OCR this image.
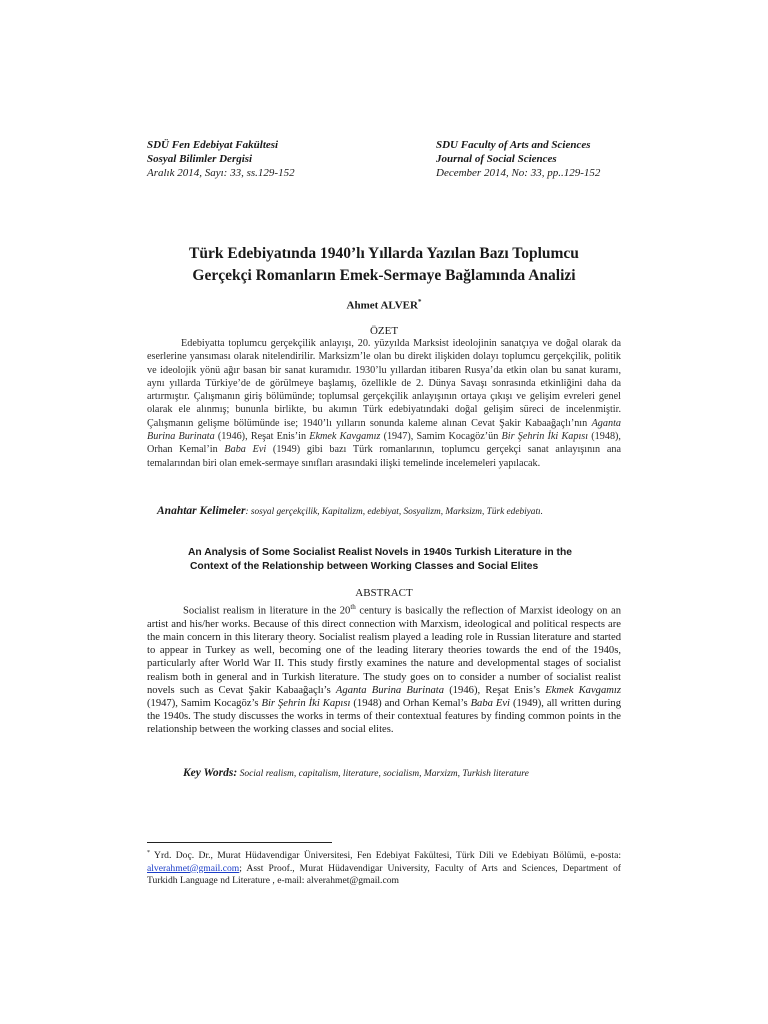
SDÜ Fen Edebiyat Fakültesi
Sosyal Bilimler Dergisi
Aralık 2014, Sayı: 33, ss.129-152
SDU Faculty of Arts and Sciences
Journal of Social Sciences
December 2014, No: 33, pp..129-152
Türk Edebiyatında 1940’lı Yıllarda Yazılan Bazı Toplumcu
Gerçekçi Romanların Emek-Sermaye Bağlamında Analizi
Ahmet ALVER*
ÖZET

Edebiyatta toplumcu gerçekçilik anlayışı, 20. yüzyılda Marksist ideolojinin sanatçıya ve doğal olarak da eserlerine yansıması olarak nitelendirilir. Marksizm’le olan bu direkt ilişkiden dolayı toplumcu gerçekçilik, politik ve ideolojik yönü ağır basan bir sanat kuramıdır. 1930’lu yıllardan itibaren Rusya’da etkin olan bu sanat kuramı, aynı yıllarda Türkiye’de de görülmeye başlamış, özellikle de 2. Dünya Savaşı sonrasında etkinliğini daha da artırmıştır. Çalışmanın giriş bölümünde; toplumsal gerçekçilik anlayışının ortaya çıkışı ve gelişim evreleri genel olarak ele alınmış; bununla birlikte, bu akımın Türk edebiyatındaki doğal gelişim süreci de incelenmiştir. Çalışmanın gelişme bölümünde ise; 1940’lı yılların sonunda kaleme alınan Cevat Şakir Kabaağaçlı’nın Aganta Burina Burinata (1946), Reşat Enis’in Ekmek Kavgamız (1947), Samim Kocagöz’ün Bir Şehrin İki Kapısı (1948), Orhan Kemal’in Baba Evi (1949) gibi bazı Türk romanlarının, toplumcu gerçekçi sanat anlayışının ana temalarından biri olan emek-sermaye sınıfları arasındaki ilişki temelinde incelemeleri yapılacak.

Anahtar Kelimeler: sosyal gerçekçilik, Kapitalizm, edebiyat, Sosyalizm, Marksizm, Türk edebiyatı.
An Analysis of Some Socialist Realist Novels in 1940s Turkish Literature in the
Context of the Relationship between Working Classes and Social Elites
ABSTRACT

Socialist realism in literature in the 20th century is basically the reflection of Marxist ideology on an artist and his/her works. Because of this direct connection with Marxism, ideological and political respects are the main concern in this literary theory. Socialist realism played a leading role in Russian literature and started to appear in Turkey as well, becoming one of the leading literary theories towards the end of the 1940s, particularly after World War II. This study firstly examines the nature and developmental stages of socialist realism both in general and in Turkish literature. The study goes on to consider a number of socialist realist novels such as Cevat Şakir Kabaağaçlı’s Aganta Burina Burinata (1946), Reşat Enis’s Ekmek Kavgamız (1947), Samim Kocagöz’s Bir Şehrin İki Kapısı (1948) and Orhan Kemal’s Baba Evi (1949), all written during the 1940s. The study discusses the works in terms of their contextual features by finding common points in the relationship between the working classes and social elites.

Key Words: Social realism, capitalism, literature, socialism, Marxizm, Turkish literature
* Yrd. Doç. Dr., Murat Hüdavendigar Üniversitesi, Fen Edebiyat Fakültesi, Türk Dili ve Edebiyatı Bölümü, e-posta: alverahmet@gmail.com; Asst Proof., Murat Hüdavendigar University, Faculty of Arts and Sciences, Department of Turkidh Language nd Literature , e-mail: alverahmet@gmail.com
